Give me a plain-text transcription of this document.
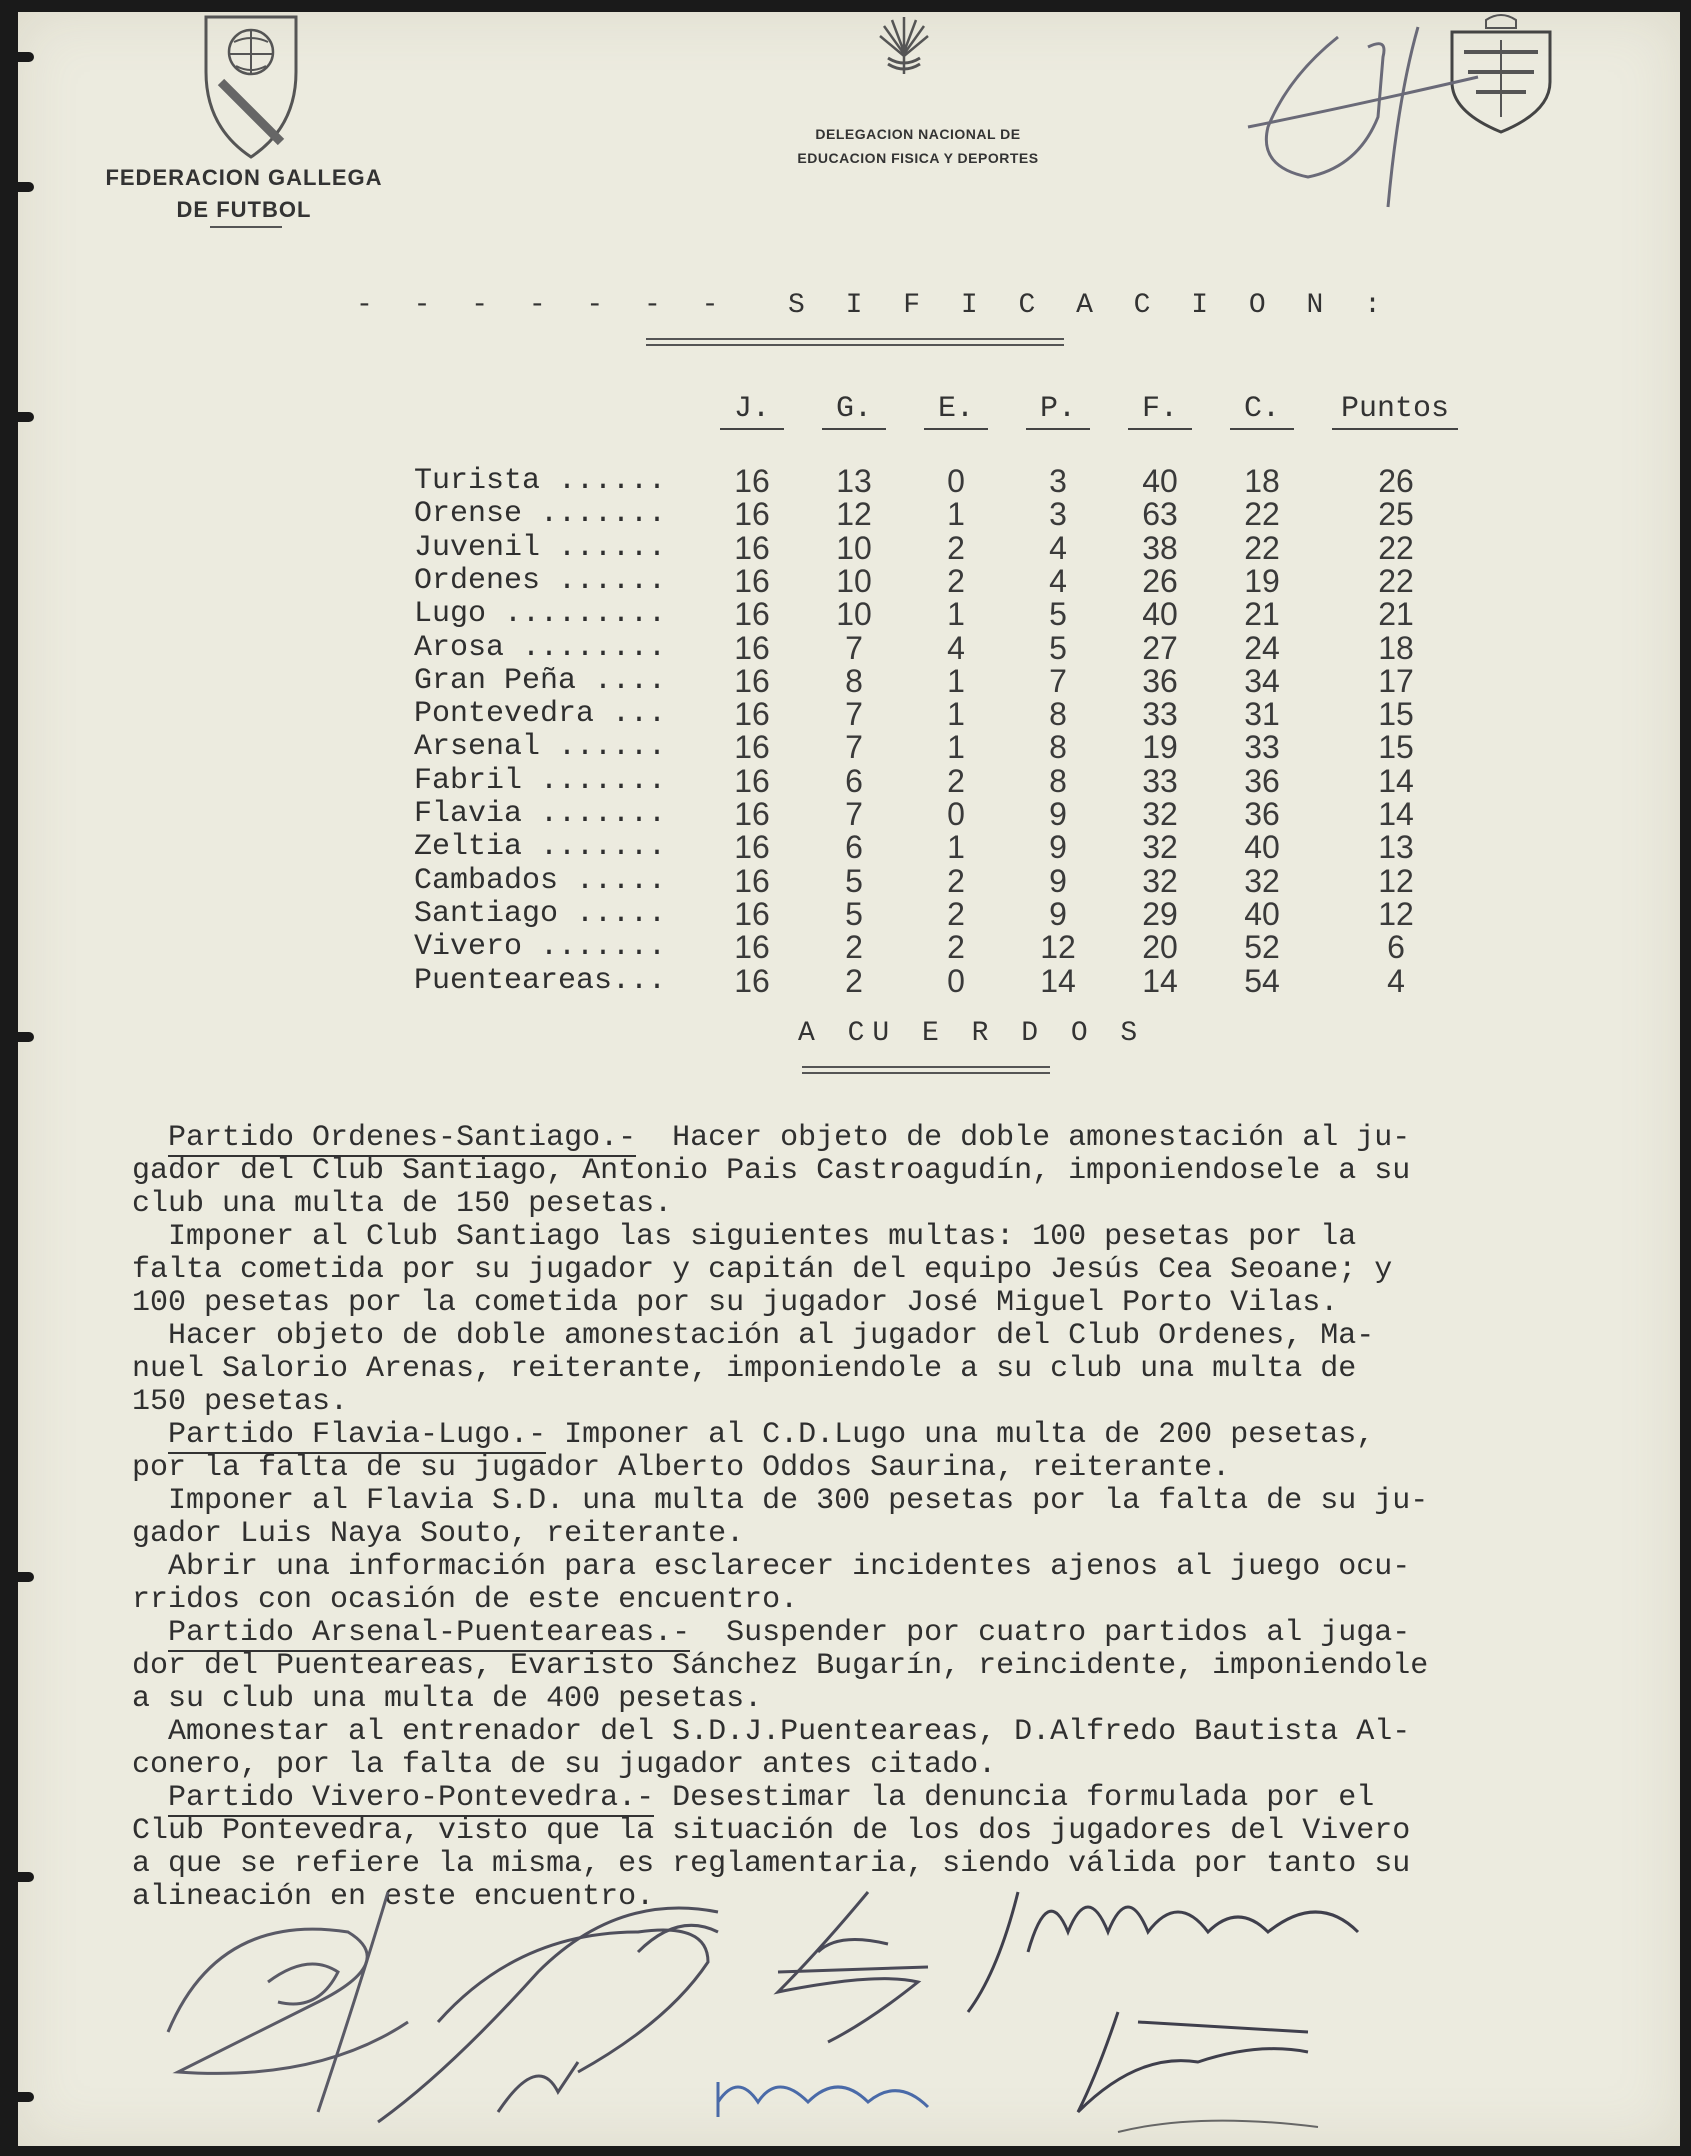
FEDERACION GALLEGA
DE FUTBOL
DELEGACION NACIONAL DE
EDUCACION FISICA Y DEPORTES
- - - - - - -  S I F I C A C I O N :
J.	G.	E.	P.	F.	C.	Puntos
Turista ......	16	13	0	3	40	18	26
Orense .......	16	12	1	3	63	22	25
Juvenil ......	16	10	2	4	38	22	22
Ordenes ......	16	10	2	4	26	19	22
Lugo .........	16	10	1	5	40	21	21
Arosa ........	16	7	4	5	27	24	18
Gran Peña ....	16	8	1	7	36	34	17
Pontevedra ...	16	7	1	8	33	31	15
Arsenal ......	16	7	1	8	19	33	15
Fabril .......	16	6	2	8	33	36	14
Flavia .......	16	7	0	9	32	36	14
Zeltia .......	16	6	1	9	32	40	13
Cambados .....	16	5	2	9	32	32	12
Santiago .....	16	5	2	9	29	40	12
Vivero .......	16	2	2	12	20	52	6
Puenteareas...	16	2	0	14	14	54	4
A CU E R D O S
Partido Ordenes-Santiago.-  Hacer objeto de doble amonestación al ju-
gador del Club Santiago, Antonio Pais Castroagudín, imponiendosele a su
club una multa de 150 pesetas.
Imponer al Club Santiago las siguientes multas: 100 pesetas por la
falta cometida por su jugador y capitán del equipo Jesús Cea Seoane; y
100 pesetas por la cometida por su jugador José Miguel Porto Vilas.
Hacer objeto de doble amonestación al jugador del Club Ordenes, Ma-
nuel Salorio Arenas, reiterante, imponiendole a su club una multa de
150 pesetas.
Partido Flavia-Lugo.- Imponer al C.D.Lugo una multa de 200 pesetas,
por la falta de su jugador Alberto Oddos Saurina, reiterante.
Imponer al Flavia S.D. una multa de 300 pesetas por la falta de su ju-
gador Luis Naya Souto, reiterante.
Abrir una información para esclarecer incidentes ajenos al juego ocu-
rridos con ocasión de este encuentro.
Partido Arsenal-Puenteareas.-  Suspender por cuatro partidos al juga-
dor del Puenteareas, Evaristo Sánchez Bugarín, reincidente, imponiendole
a su club una multa de 400 pesetas.
Amonestar al entrenador del S.D.J.Puenteareas, D.Alfredo Bautista Al-
conero, por la falta de su jugador antes citado.
Partido Vivero-Pontevedra.- Desestimar la denuncia formulada por el
Club Pontevedra, visto que la situación de los dos jugadores del Vivero
a que se refiere la misma, es reglamentaria, siendo válida por tanto su
alineación en este encuentro.
